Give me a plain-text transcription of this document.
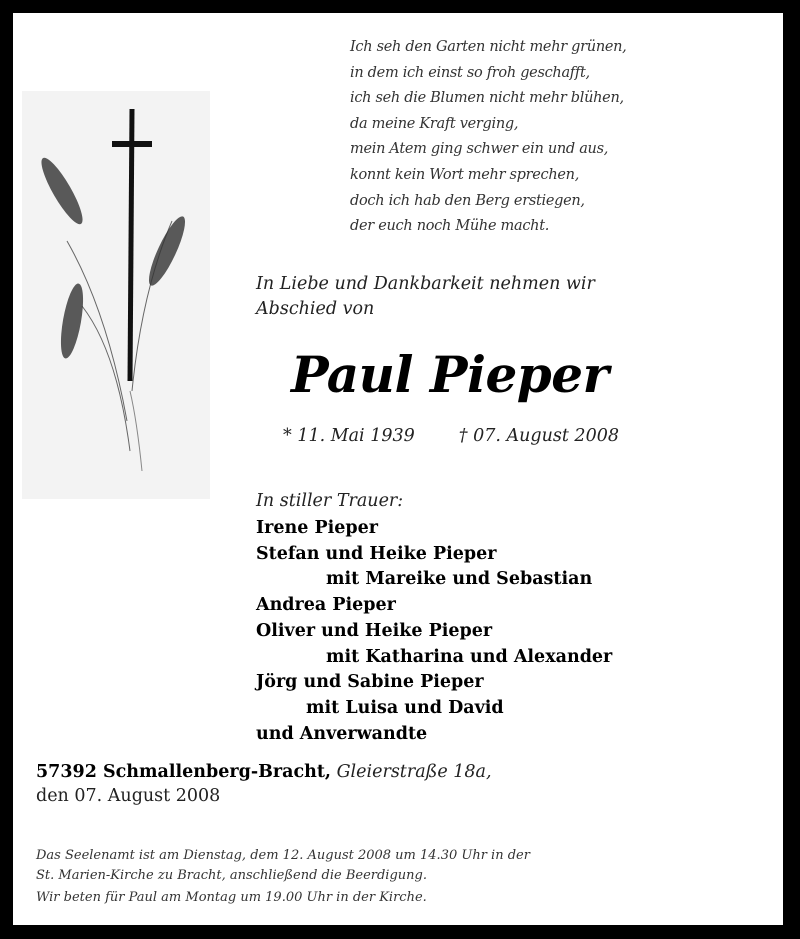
Ich seh den Garten nicht mehr grünen,
in dem ich einst so froh geschafft,
ich seh die Blumen nicht mehr blühen,
da meine Kraft verging,
mein Atem ging schwer ein und aus,
konnt kein Wort mehr sprechen,
doch ich hab den Berg erstiegen,
der euch noch Mühe macht.
In Liebe und Dankbarkeit nehmen wir
Abschied von
Paul Pieper
* 11. Mai 1939	† 07. August 2008
In stiller Trauer:
Irene Pieper
Stefan und Heike Pieper
mit Mareike und Sebastian
Andrea Pieper
Oliver und Heike Pieper
mit Katharina und Alexander
Jörg und Sabine Pieper
mit Luisa und David
und Anverwandte
57392 Schmallenberg-Bracht, Gleierstraße 18a,
den 07. August 2008
Das Seelenamt ist am Dienstag, dem 12. August 2008 um 14.30 Uhr in der
St. Marien-Kirche zu Bracht, anschließend die Beerdigung.
Wir beten für Paul am Montag um 19.00 Uhr in der Kirche.
